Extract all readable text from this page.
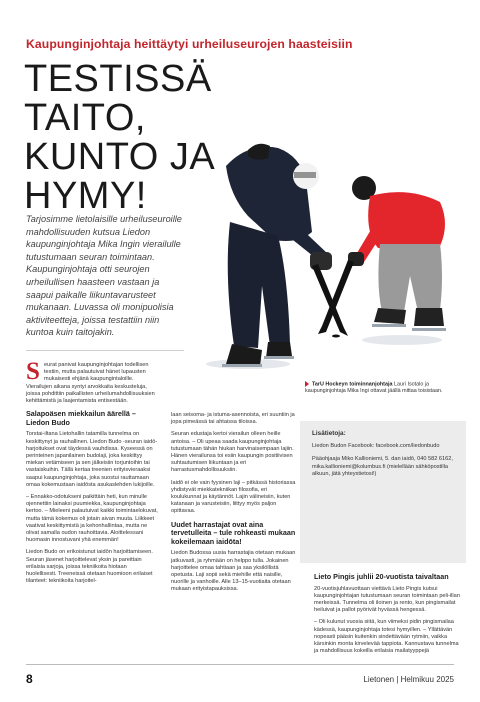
Kaupunginjohtaja heittäytyi urheiluseurojen haasteisiin
TESTISSÄ TAITO, KUNTO JA HYMY!
Tarjosimme lietolaisille urheiluseuroille mahdollisuuden kutsua Liedon kaupunginjohtaja Mika Ingin vierailulle tutustumaan seuran toimintaan. Kaupunginjohtaja otti seurojen urheilullisen haasteen vastaan ja saapui paikalle liikuntavarusteet mukanaan. Luvassa oli monipuolisia aktiviteetteja, joissa testattiin niin kuntoa kuin taitojakin.

Seurat panivat kaupunginjohtajan todellisen testiin, mutta palautuivat hänet lupausten mukaisesti ehjänä kaupungintaloille. Vierailujen aikana syntyi arvokkaita keskusteluja, joissa pohdittiin paikallisten urheilumahdollisuuksien kehittämistä ja laajentamista entisestään.

Salapoäsen miekkailun äärellä – Liedon Budo

Torstai-iltana Lietohallin tatamilla tunnelma on keskittynyt ja rauhallinen. Liedon Budo -seuran iaidō-harjoitukset ovat täydessä vauhdissa. Kyseessä on perinteinen japanilainen budolaji, joka keskittyy miekan vetämiseen ja sen jälkeisiin torjuntoihin tai vastaiskuihin. Tällä kertaa treenien erityisvieraaksi saapui kaupunginjohtaja, joka suostui rauttamaan omaa kokemustaan iaidōsta asukaslehden lukijoille.

– Ennakko-odotukseni paikittäin heti, kun minulle ojennettiin lainaksi puumiekka, kaupunginjohtaja kertoo. – Mieleeni palautuivat kaikki toimintaelokuvat, mutta tämä kokemus oli jotain aivan muuta. Liikkeet vaativat keskittymistä ja kehonhallintaa, mutta ne olivat samalla oudon rauhoittavia. Aloittelessani huomasin innostuvani yhä enemmän!

Liedon Budo on erikoistunut iaidōn harjoittamiseen. Seuran jäsenet harjoittelevat yksin ja pareittain erilaisia sarjoja, joissa tekniikoita hiotaan huolellisesti. Treeneissä otetaan huomioon erilaiset tilanteet: tekniikoita harjoitel-

laan seisoma- ja istuma-asennoista, eri suuntiin ja jopa pimeässä tai ahtaissa tiloissa.

Seuran edustaja kertoi vierailun olleen heille antoisa. – Oli upeaa saada kaupunginjohtaja tutustumaan tähän hiukan harvinaisempaan lajiin. Hänen vierailunsa toi esiin kaupungin positiivisen suhtautumisen liikuntaan ja eri harrastusmahdollisuuksiin.

Iaidō ei ole vain fyysinen laji – pitkässä historiassa yhdistyvät miekkatekniikan filosofia, eri koulukunnat ja käytännöt. Lajin välineisiin, kuten katanaan ja varusteisiin, liittyy myös paljon opittavaa.

Uudet harrastajat ovat aina tervetulleita – tule rohkeasti mukaan kokeilemaan iaidōta!

Liedon Budossa uusia harrastajia otetaan mukaan jatkuvasti, ja ryhmään on helppo tulla. Jokainen harjoittelee omaa tahtiaan ja saa yksilöllistä opetusta. Laji sopii sekä miehille että naisille, nuorille ja vanhoille. Alle 13–15-vuotiaita otetaan mukaan erityistapauksissa.

TarU Hockeyn toiminnanjohtaja Lauri Isotalo ja kaupunginjohtaja Mika Ingi ottavat jäällä mittaa toisistaan.
Lisätietoja:

Liedon Budon Facebook: facebook.com/liedonbudo

Pääohjaaja Miko Kallioniemi, 5. dan iaidō, 040 582 6162, mika.kallioniemi@kolumbus.fi (mielellään sähköpostilla alkuun, jätä yhteystietosi!)

Lieto Pingis juhlii 20-vuotista taivaltaan

20-vuotisjuhlavuottaan viettävä Lieto Pingis kutsui kaupunginjohtajan tutustumaan seuran toimintaan peli-illan merkeissä. Tunnelma oli iloinen ja rento, kun pingismailat heiluivat ja pallot pyörivät hyvässä hengessä.

– Oli kulunut vuosia siitä, kun viimeksi pidin pingismailaa kädessä, kaupunginjohtaja totesi hymyillen. – Yllättävän nopeasti pääsin kuitenkin sindettävään rytmiin, vaikka kärsinkin monta kirvelevää tappiota. Kannustava tunnelma ja mahdollisuus kokeilla erilaisia mailatyyppejä

8	Lietonen | Helmikuu 2025
